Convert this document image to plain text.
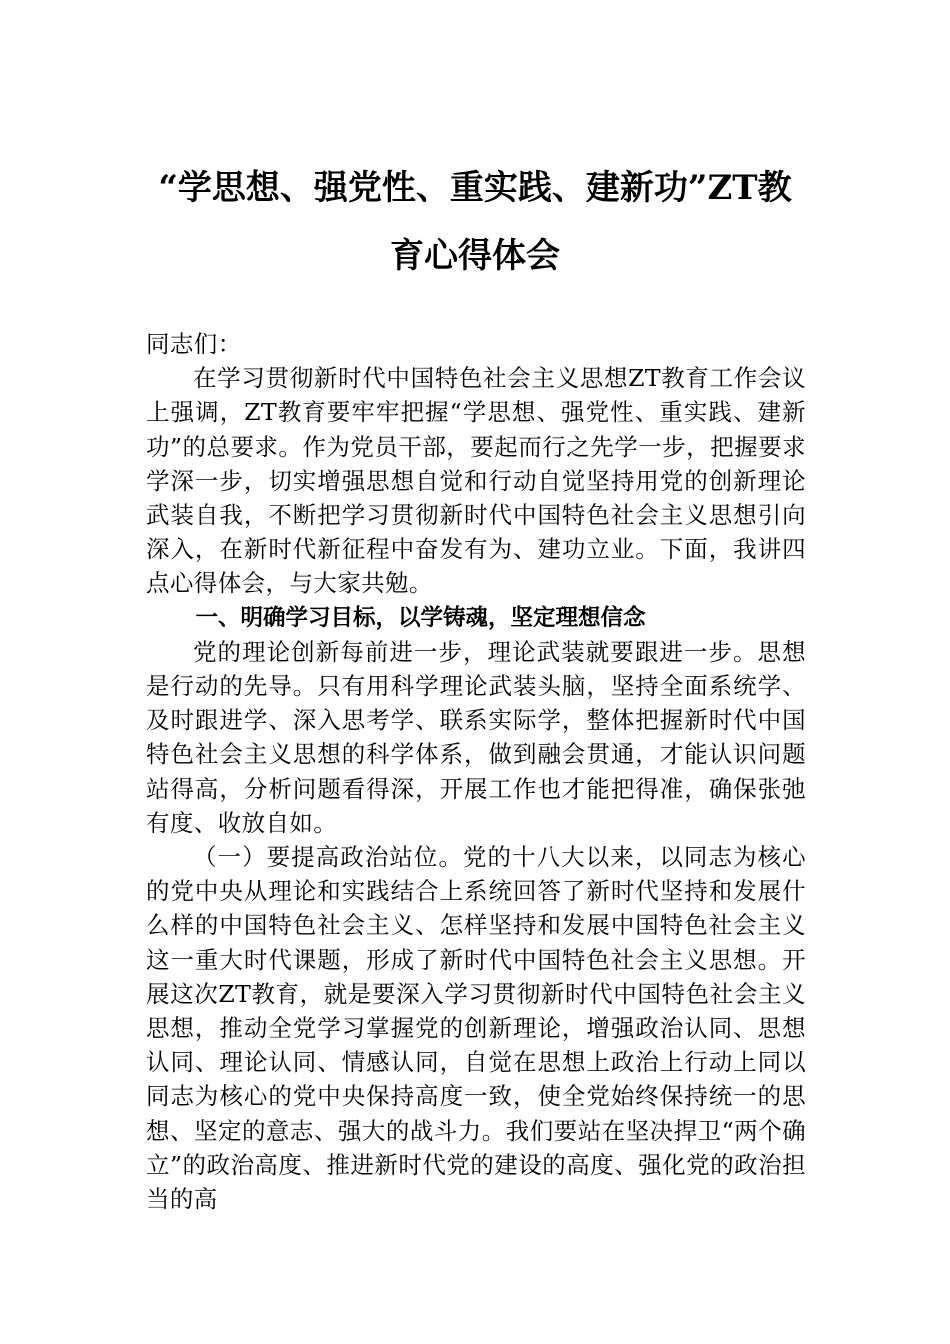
“学思想、强党性、重实践、建新功”ZT教
育心得体会

同志们：

在学习贯彻新时代中国特色社会主义思想ZT教育工作会议上强调，ZT教育要牢牢把握“学思想、强党性、重实践、建新功”的总要求。作为党员干部，要起而行之先学一步，把握要求学深一步，切实增强思想自觉和行动自觉坚持用党的创新理论武装自我，不断把学习贯彻新时代中国特色社会主义思想引向深入，在新时代新征程中奋发有为、建功立业。下面，我讲四点心得体会，与大家共勉。

一、明确学习目标，以学铸魂，坚定理想信念

党的理论创新每前进一步，理论武装就要跟进一步。思想是行动的先导。只有用科学理论武装头脑，坚持全面系统学、及时跟进学、深入思考学、联系实际学，整体把握新时代中国特色社会主义思想的科学体系，做到融会贯通，才能认识问题站得高，分析问题看得深，开展工作也才能把得准，确保张弛有度、收放自如。

（一）要提高政治站位。党的十八大以来，以同志为核心的党中央从理论和实践结合上系统回答了新时代坚持和发展什么样的中国特色社会主义、怎样坚持和发展中国特色社会主义这一重大时代课题，形成了新时代中国特色社会主义思想。开展这次ZT教育，就是要深入学习贯彻新时代中国特色社会主义思想，推动全党学习掌握党的创新理论，增强政治认同、思想认同、理论认同、情感认同，自觉在思想上政治上行动上同以同志为核心的党中央保持高度一致，使全党始终保持统一的思想、坚定的意志、强大的战斗力。我们要站在坚决捍卫“两个确立”的政治高度、推进新时代党的建设的高度、强化党的政治担当的高
